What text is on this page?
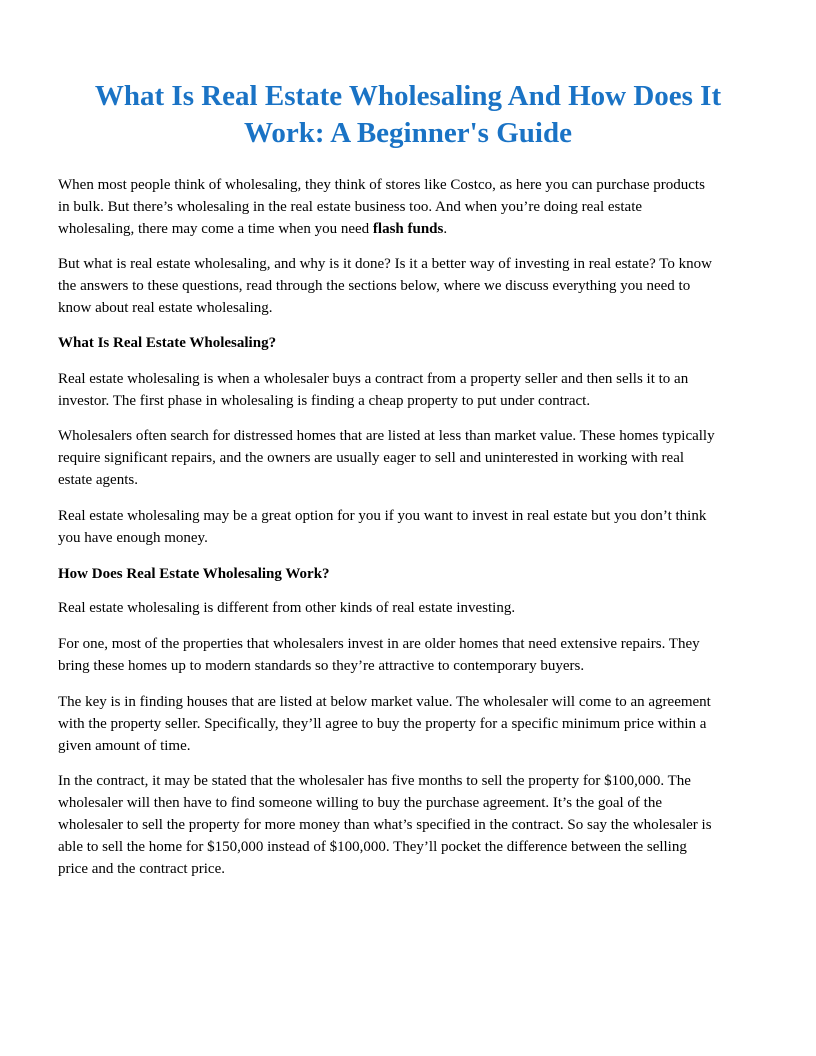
What Is Real Estate Wholesaling And How Does It
Work: A Beginner's Guide

When most people think of wholesaling, they think of stores like Costco, as here you can purchase products
in bulk. But there’s wholesaling in the real estate business too. And when you’re doing real estate
wholesaling, there may come a time when you need flash funds.

But what is real estate wholesaling, and why is it done? Is it a better way of investing in real estate? To know
the answers to these questions, read through the sections below, where we discuss everything you need to
know about real estate wholesaling.

What Is Real Estate Wholesaling?

Real estate wholesaling is when a wholesaler buys a contract from a property seller and then sells it to an
investor. The first phase in wholesaling is finding a cheap property to put under contract.

Wholesalers often search for distressed homes that are listed at less than market value. These homes typically
require significant repairs, and the owners are usually eager to sell and uninterested in working with real
estate agents.

Real estate wholesaling may be a great option for you if you want to invest in real estate but you don’t think
you have enough money.

How Does Real Estate Wholesaling Work?

Real estate wholesaling is different from other kinds of real estate investing.

For one, most of the properties that wholesalers invest in are older homes that need extensive repairs. They
bring these homes up to modern standards so they’re attractive to contemporary buyers.

The key is in finding houses that are listed at below market value. The wholesaler will come to an agreement
with the property seller. Specifically, they’ll agree to buy the property for a specific minimum price within a
given amount of time.

In the contract, it may be stated that the wholesaler has five months to sell the property for $100,000. The
wholesaler will then have to find someone willing to buy the purchase agreement. It’s the goal of the
wholesaler to sell the property for more money than what’s specified in the contract. So say the wholesaler is
able to sell the home for $150,000 instead of $100,000. They’ll pocket the difference between the selling
price and the contract price.
